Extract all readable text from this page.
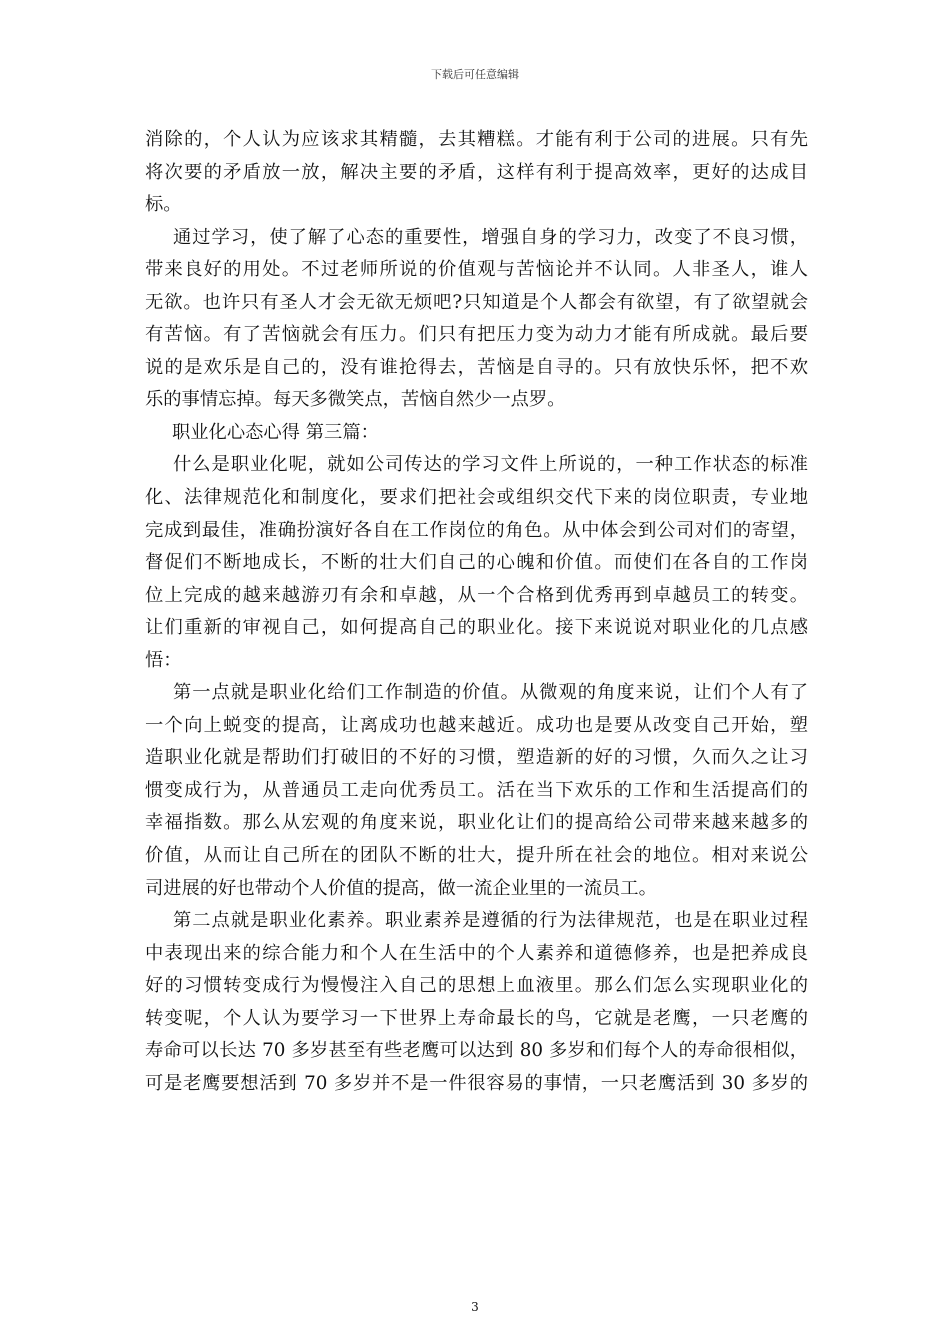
下载后可任意编辑
消除的，个人认为应该求其精髓，去其糟糕。才能有利于公司的进展。只有先
将次要的矛盾放一放，解决主要的矛盾，这样有利于提高效率，更好的达成目
标。
通过学习，使了解了心态的重要性，增强自身的学习力，改变了不良习惯，
带来良好的用处。不过老师所说的价值观与苦恼论并不认同。人非圣人，谁人
无欲。也许只有圣人才会无欲无烦吧?只知道是个人都会有欲望，有了欲望就会
有苦恼。有了苦恼就会有压力。们只有把压力变为动力才能有所成就。最后要
说的是欢乐是自己的，没有谁抢得去，苦恼是自寻的。只有放快乐怀，把不欢
乐的事情忘掉。每天多微笑点，苦恼自然少一点罗。
职业化心态心得 第三篇：
什么是职业化呢，就如公司传达的学习文件上所说的，一种工作状态的标准
化、法律规范化和制度化，要求们把社会或组织交代下来的岗位职责，专业地
完成到最佳，准确扮演好各自在工作岗位的角色。从中体会到公司对们的寄望，
督促们不断地成长，不断的壮大们自己的心魄和价值。而使们在各自的工作岗
位上完成的越来越游刃有余和卓越，从一个合格到优秀再到卓越员工的转变。
让们重新的审视自己，如何提高自己的职业化。接下来说说对职业化的几点感
悟：
第一点就是职业化给们工作制造的价值。从微观的角度来说，让们个人有了
一个向上蜕变的提高，让离成功也越来越近。成功也是要从改变自己开始，塑
造职业化就是帮助们打破旧的不好的习惯，塑造新的好的习惯，久而久之让习
惯变成行为，从普通员工走向优秀员工。活在当下欢乐的工作和生活提高们的
幸福指数。那么从宏观的角度来说，职业化让们的提高给公司带来越来越多的
价值，从而让自己所在的团队不断的壮大，提升所在社会的地位。相对来说公
司进展的好也带动个人价值的提高，做一流企业里的一流员工。
第二点就是职业化素养。职业素养是遵循的行为法律规范，也是在职业过程
中表现出来的综合能力和个人在生活中的个人素养和道德修养，也是把养成良
好的习惯转变成行为慢慢注入自己的思想上血液里。那么们怎么实现职业化的
转变呢，个人认为要学习一下世界上寿命最长的鸟，它就是老鹰，一只老鹰的
寿命可以长达 70 多岁甚至有些老鹰可以达到 80 多岁和们每个人的寿命很相似，
可是老鹰要想活到 70 多岁并不是一件很容易的事情，一只老鹰活到 30 多岁的
3
